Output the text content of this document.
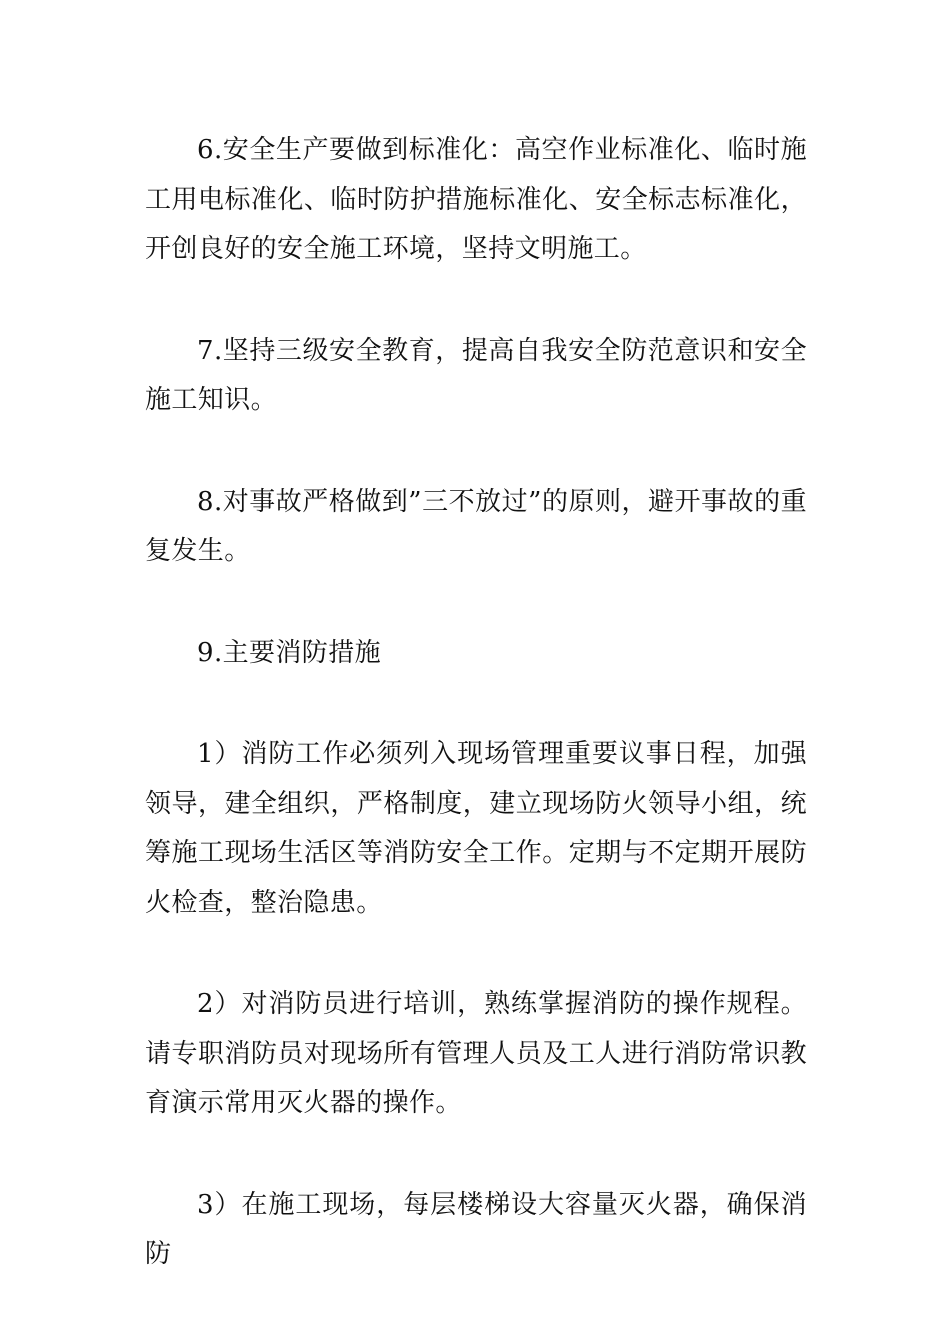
6.安全生产要做到标准化：高空作业标准化、临时施工用电标准化、临时防护措施标准化、安全标志标准化，开创良好的安全施工环境，坚持文明施工。

7.坚持三级安全教育，提高自我安全防范意识和安全施工知识。

8.对事故严格做到”三不放过”的原则，避开事故的重复发生。

9.主要消防措施

1）消防工作必须列入现场管理重要议事日程，加强领导，建全组织，严格制度，建立现场防火领导小组，统筹施工现场生活区等消防安全工作。定期与不定期开展防火检查，整治隐患。

2）对消防员进行培训，熟练掌握消防的操作规程。请专职消防员对现场所有管理人员及工人进行消防常识教育演示常用灭火器的操作。

3）在施工现场，每层楼梯设大容量灭火器，确保消防
